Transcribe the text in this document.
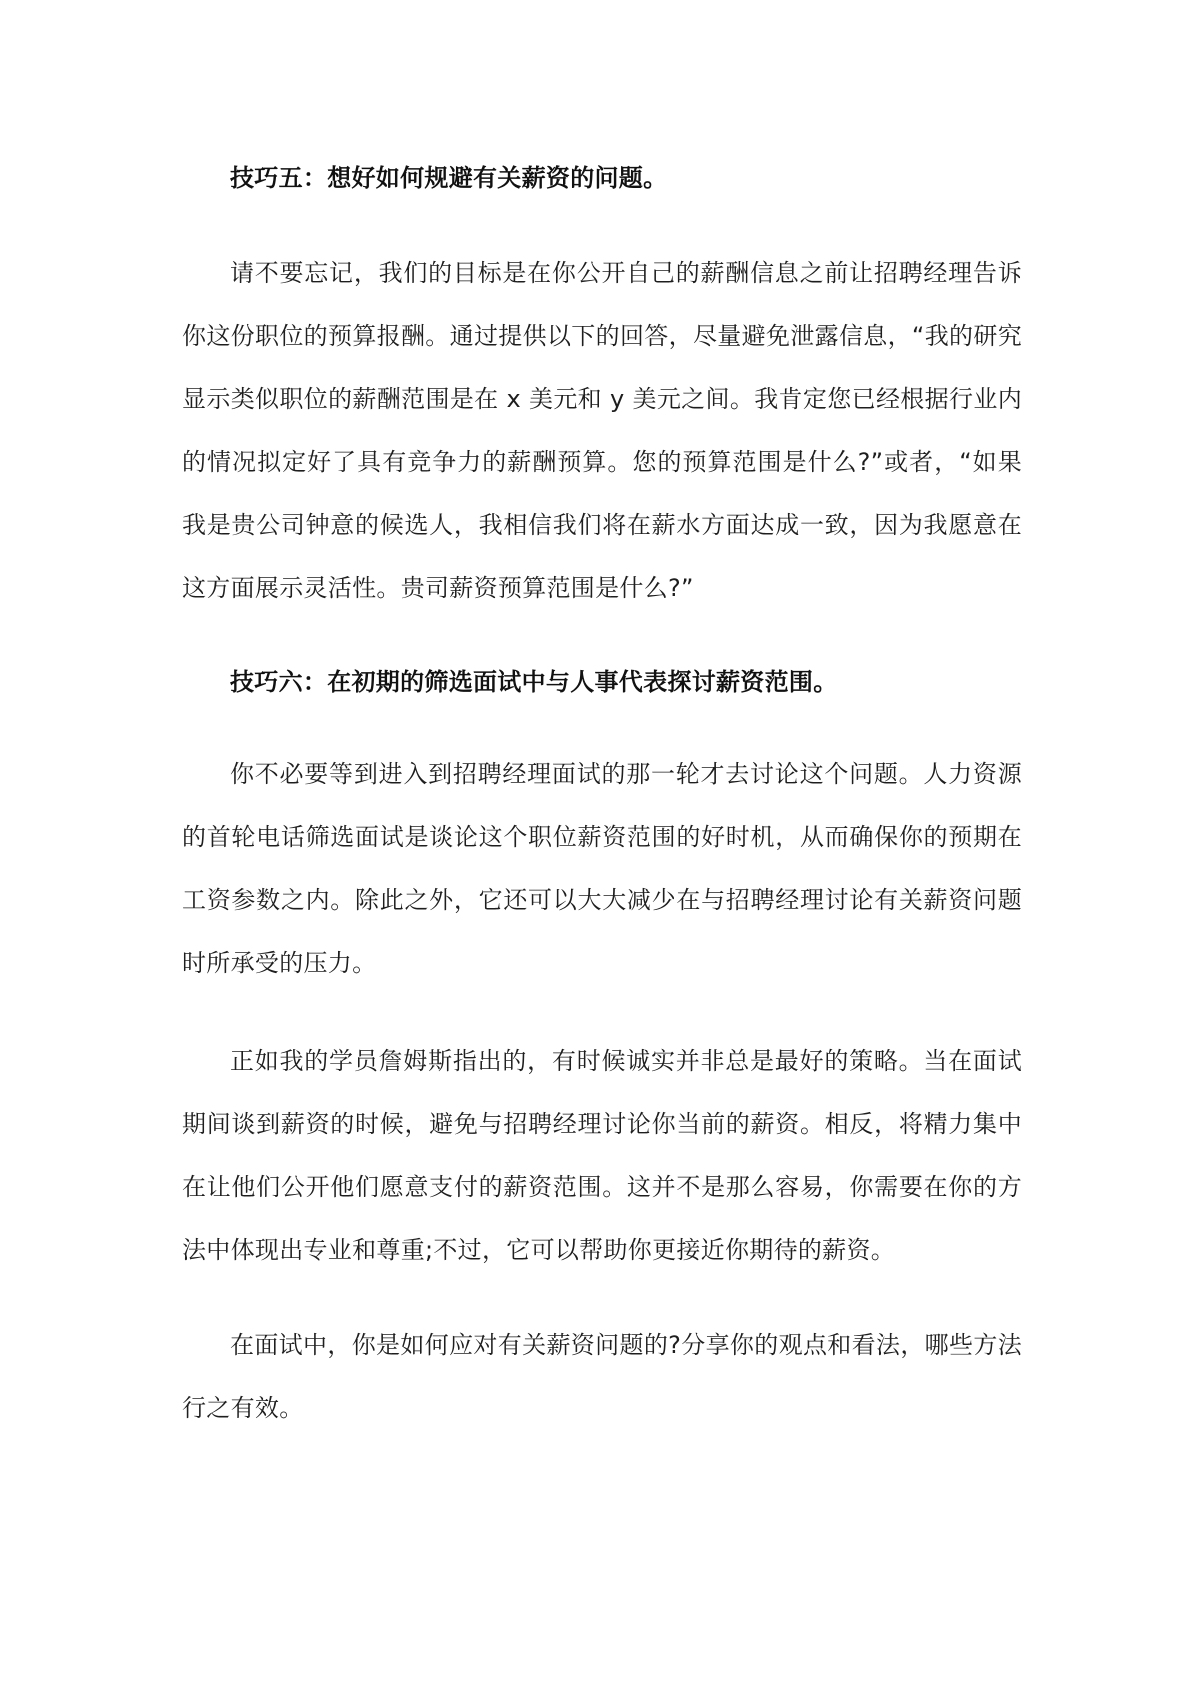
技巧五：想好如何规避有关薪资的问题。

请不要忘记，我们的目标是在你公开自己的薪酬信息之前让招聘经理告诉你这份职位的预算报酬。通过提供以下的回答，尽量避免泄露信息，“我的研究显示类似职位的薪酬范围是在 x 美元和 y 美元之间。我肯定您已经根据行业内的情况拟定好了具有竞争力的薪酬预算。您的预算范围是什么?”或者，“如果我是贵公司钟意的候选人，我相信我们将在薪水方面达成一致，因为我愿意在这方面展示灵活性。贵司薪资预算范围是什么?”

技巧六：在初期的筛选面试中与人事代表探讨薪资范围。

你不必要等到进入到招聘经理面试的那一轮才去讨论这个问题。人力资源的首轮电话筛选面试是谈论这个职位薪资范围的好时机，从而确保你的预期在工资参数之内。除此之外，它还可以大大减少在与招聘经理讨论有关薪资问题时所承受的压力。

正如我的学员詹姆斯指出的，有时候诚实并非总是最好的策略。当在面试期间谈到薪资的时候，避免与招聘经理讨论你当前的薪资。相反，将精力集中在让他们公开他们愿意支付的薪资范围。这并不是那么容易，你需要在你的方法中体现出专业和尊重;不过，它可以帮助你更接近你期待的薪资。

在面试中，你是如何应对有关薪资问题的?分享你的观点和看法，哪些方法行之有效。
